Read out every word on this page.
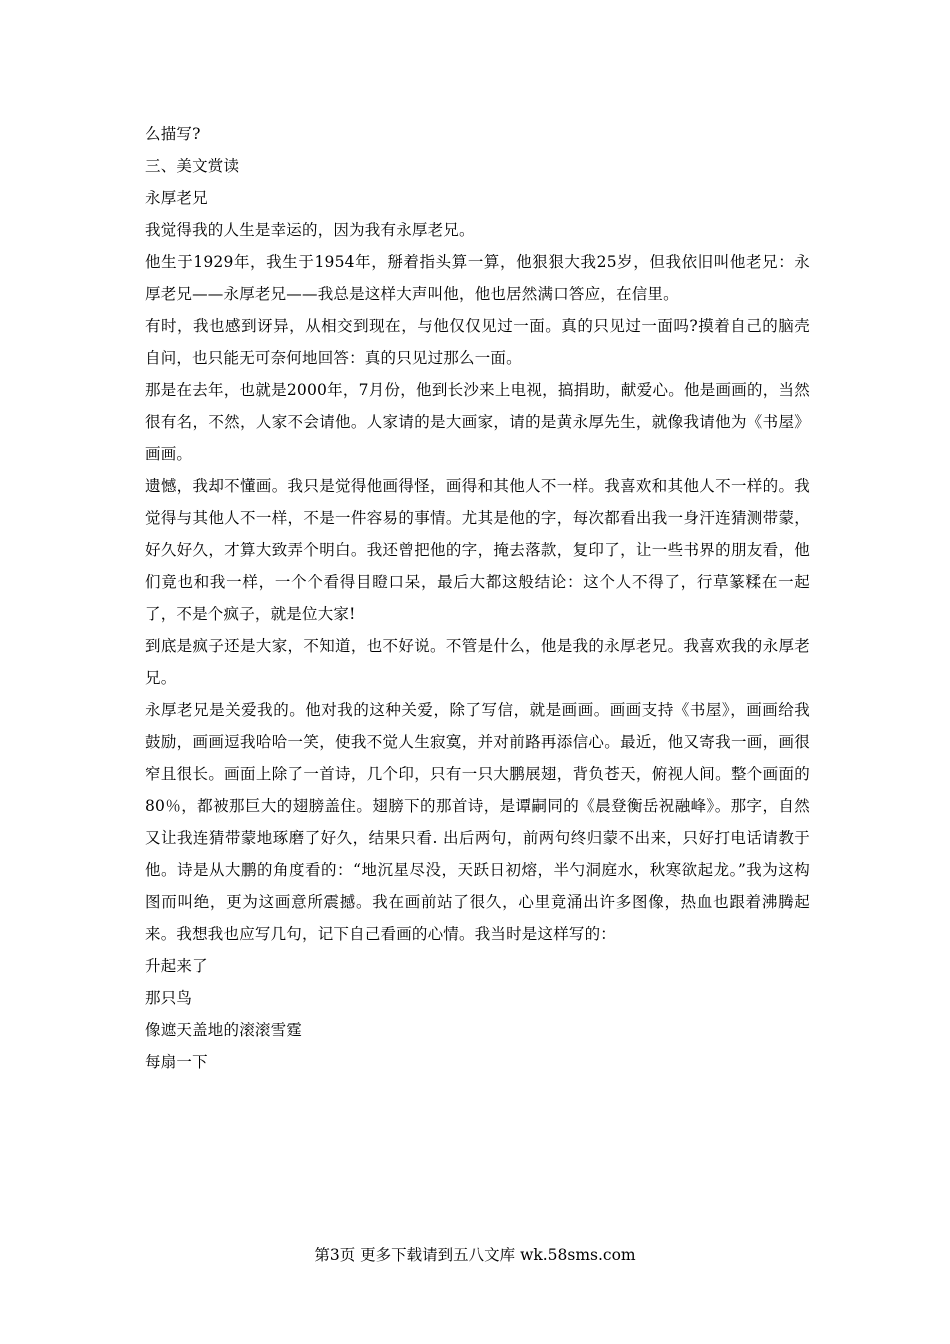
么描写?

三、美文赏读

永厚老兄

我觉得我的人生是幸运的，因为我有永厚老兄。

他生于1929年，我生于1954年，掰着指头算一算，他狠狠大我25岁，但我依旧叫他老兄：永厚老兄——永厚老兄——我总是这样大声叫他，他也居然满口答应，在信里。

有时，我也感到讶异，从相交到现在，与他仅仅见过一面。真的只见过一面吗?摸着自己的脑壳自问，也只能无可奈何地回答：真的只见过那么一面。

那是在去年，也就是2000年，7月份，他到长沙来上电视，搞捐助，献爱心。他是画画的，当然很有名，不然，人家不会请他。人家请的是大画家，请的是黄永厚先生，就像我请他为《书屋》画画。

遗憾，我却不懂画。我只是觉得他画得怪，画得和其他人不一样。我喜欢和其他人不一样的。我觉得与其他人不一样，不是一件容易的事情。尤其是他的字，每次都看出我一身汗连猜测带蒙，好久好久，才算大致弄个明白。我还曾把他的字，掩去落款，复印了，让一些书界的朋友看，他们竟也和我一样，一个个看得目瞪口呆，最后大都这般结论：这个人不得了，行草篆糅在一起了，不是个疯子，就是位大家!

到底是疯子还是大家，不知道，也不好说。不管是什么，他是我的永厚老兄。我喜欢我的永厚老兄。

永厚老兄是关爱我的。他对我的这种关爱，除了写信，就是画画。画画支持《书屋》，画画给我鼓励，画画逗我哈哈一笑，使我不觉人生寂寞，并对前路再添信心。最近，他又寄我一画，画很窄且很长。画面上除了一首诗，几个印，只有一只大鹏展翅，背负苍天，俯视人间。整个画面的80％，都被那巨大的翅膀盖住。翅膀下的那首诗，是谭嗣同的《晨登衡岳祝融峰》。那字，自然又让我连猜带蒙地琢磨了好久，结果只看. 出后两句，前两句终归蒙不出来，只好打电话请教于他。诗是从大鹏的角度看的：“地沉星尽没，天跃日初熔，半勺洞庭水，秋寒欲起龙。”我为这构图而叫绝，更为这画意所震撼。我在画前站了很久，心里竟涌出许多图像，热血也跟着沸腾起来。我想我也应写几句，记下自己看画的心情。我当时是这样写的：

升起来了

那只鸟

像遮天盖地的滚滚雪霆

每扇一下

第3页 更多下载请到五八文库 wk.58sms.com
